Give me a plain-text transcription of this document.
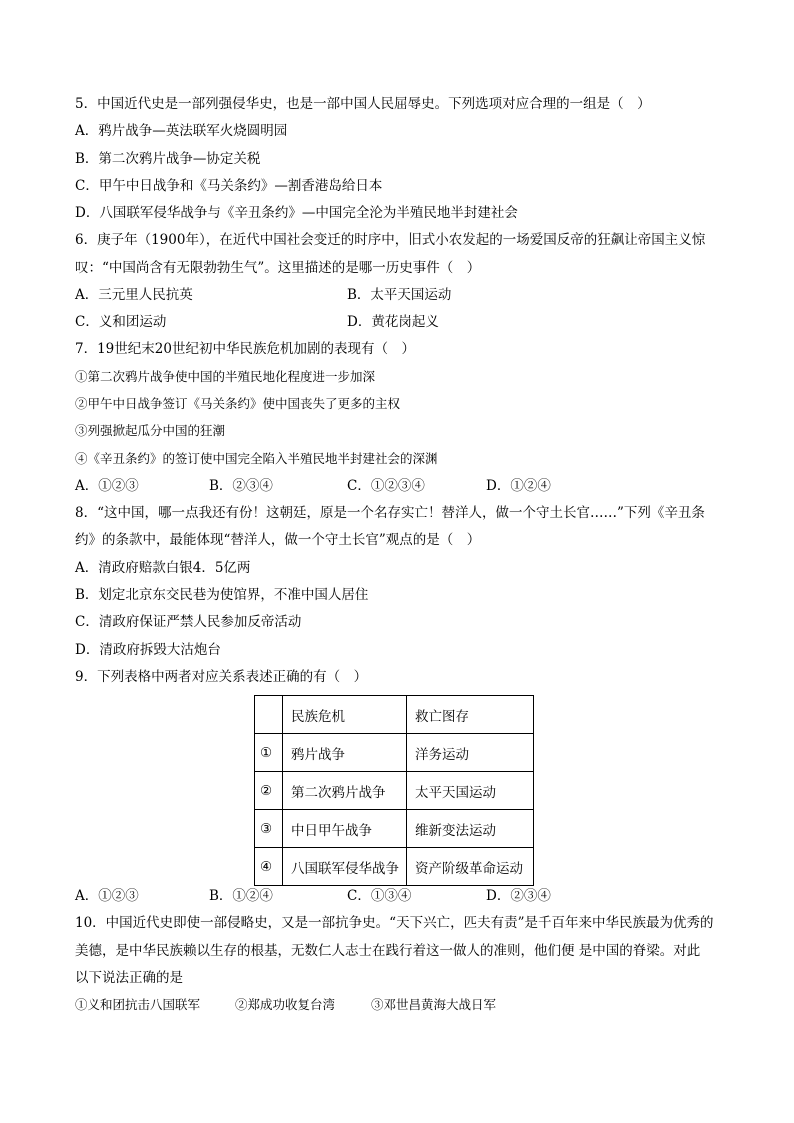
5．中国近代史是一部列强侵华史，也是一部中国人民屈辱史。下列选项对应合理的一组是（　）
A．鸦片战争—英法联军火烧圆明园
B．第二次鸦片战争—协定关税
C．甲午中日战争和《马关条约》—割香港岛给日本
D．八国联军侵华战争与《辛丑条约》—中国完全沦为半殖民地半封建社会
6．庚子年（1900年），在近代中国社会变迁的时序中，旧式小农发起的一场爱国反帝的狂飙让帝国主义惊
叹：“中国尚含有无限勃勃生气”。这里描述的是哪一历史事件（　）
A．三元里人民抗英	B．太平天国运动
C．义和团运动	D．黄花岗起义
7．19世纪末20世纪初中华民族危机加剧的表现有（　）
①第二次鸦片战争使中国的半殖民地化程度进一步加深
②甲午中日战争签订《马关条约》使中国丧失了更多的主权
③列强掀起瓜分中国的狂潮
④《辛丑条约》的签订使中国完全陷入半殖民地半封建社会的深渊
A．①②③	B．②③④	C．①②③④	D．①②④
8．“这中国，哪一点我还有份！这朝廷，原是一个名存实亡！替洋人，做一个守土长官……”下列《辛丑条
约》的条款中，最能体现“替洋人，做一个守土长官”观点的是（　）
A．清政府赔款白银4．5亿两
B．划定北京东交民巷为使馆界，不准中国人居住
C．清政府保证严禁人民参加反帝活动
D．清政府拆毁大沽炮台
9．下列表格中两者对应关系表述正确的有（　）
	民族危机	救亡图存
①	鸦片战争	洋务运动
②	第二次鸦片战争	太平天国运动
③	中日甲午战争	维新变法运动
④	八国联军侵华战争	资产阶级革命运动
A．①②③	B．①②④	C．①③④	D．②③④
10．中国近代史即使一部侵略史，又是一部抗争史。“天下兴亡，匹夫有责”是千百年来中华民族最为优秀的
美德，是中华民族赖以生存的根基，无数仁人志士在践行着这一做人的准则，他们便 是中国的脊梁。对此
以下说法正确的是
①义和团抗击八国联军	②郑成功收复台湾	③邓世昌黄海大战日军
